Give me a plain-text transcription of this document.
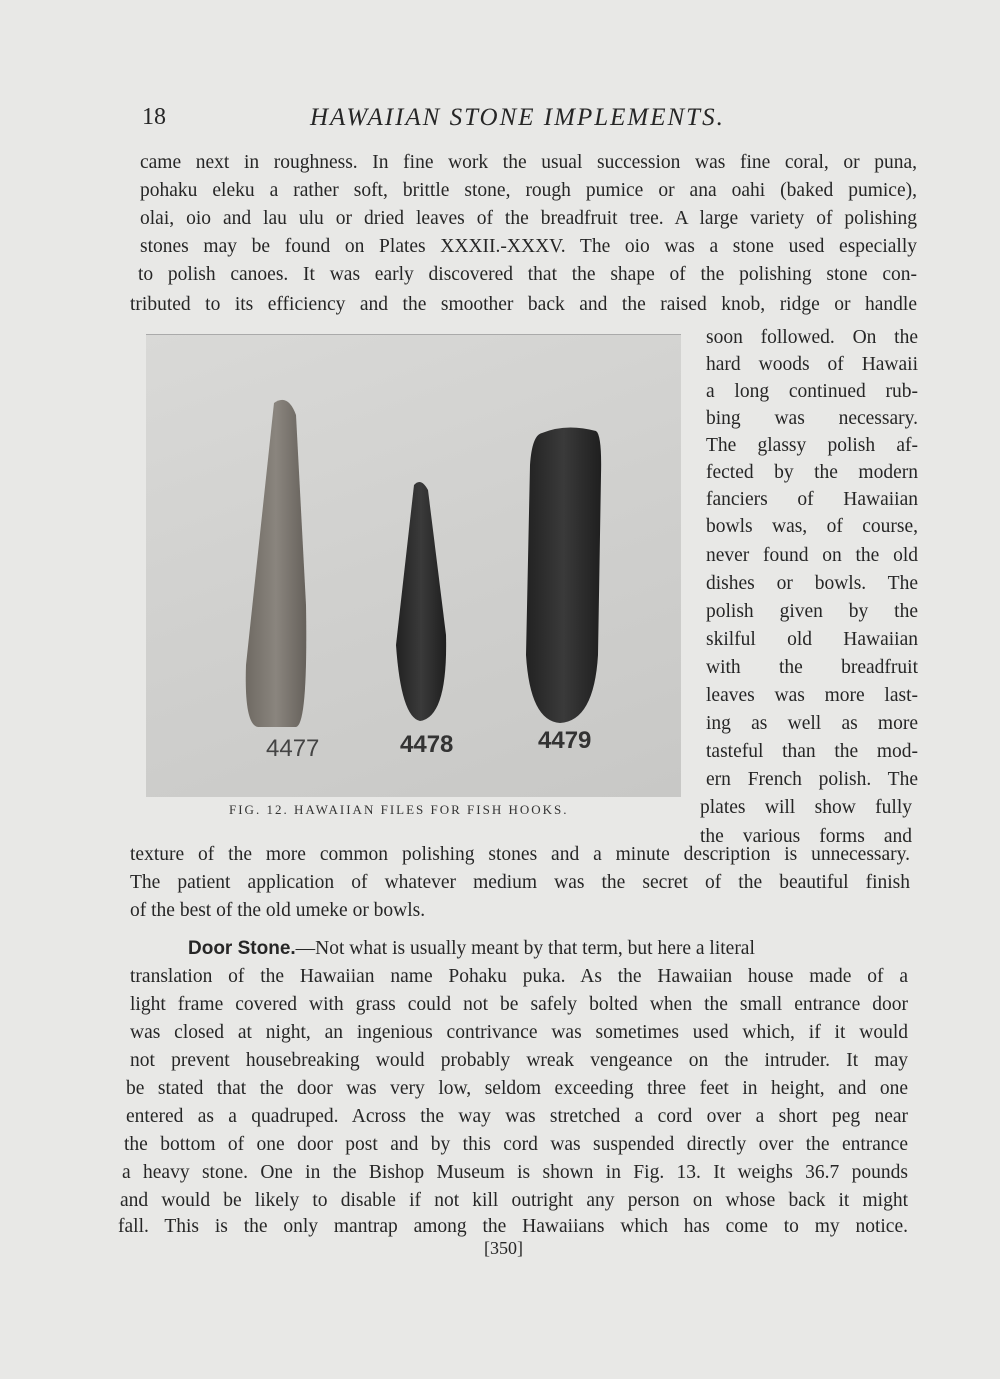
18	HAWAIIAN STONE IMPLEMENTS.
came next in roughness. In fine work the usual succession was fine coral, or puna,
pohaku eleku a rather soft, brittle stone, rough pumice or ana oahi (baked pumice),
olai, oio and lau ulu or dried leaves of the breadfruit tree. A large variety of polishing
stones may be found on Plates XXXII.-XXXV. The oio was a stone used especially
to polish canoes. It was early discovered that the shape of the polishing stone con-
tributed to its efficiency and the smoother back and the raised knob, ridge or handle
soon followed. On the
hard woods of Hawaii
a long continued rub-
bing was necessary.
The glassy polish af-
fected by the modern
fanciers of Hawaiian
bowls was, of course,
never found on the old
dishes or bowls. The
polish given by the
skilful old Hawaiian
with the breadfruit
leaves was more last-
ing as well as more
tasteful than the mod-
ern French polish. The
plates will show fully
the various forms and
4477	4478	4479
FIG. 12. HAWAIIAN FILES FOR FISH HOOKS.
texture of the more common polishing stones and a minute description is unnecessary.
The patient application of whatever medium was the secret of the beautiful finish
of the best of the old umeke or bowls.
Door Stone.—Not what is usually meant by that term, but here a literal
translation of the Hawaiian name Pohaku puka. As the Hawaiian house made of a
light frame covered with grass could not be safely bolted when the small entrance door
was closed at night, an ingenious contrivance was sometimes used which, if it would
not prevent housebreaking would probably wreak vengeance on the intruder. It may
be stated that the door was very low, seldom exceeding three feet in height, and one
entered as a quadruped. Across the way was stretched a cord over a short peg near
the bottom of one door post and by this cord was suspended directly over the entrance
a heavy stone. One in the Bishop Museum is shown in Fig. 13. It weighs 36.7 pounds
and would be likely to disable if not kill outright any person on whose back it might
fall. This is the only mantrap among the Hawaiians which has come to my notice.
[350]
